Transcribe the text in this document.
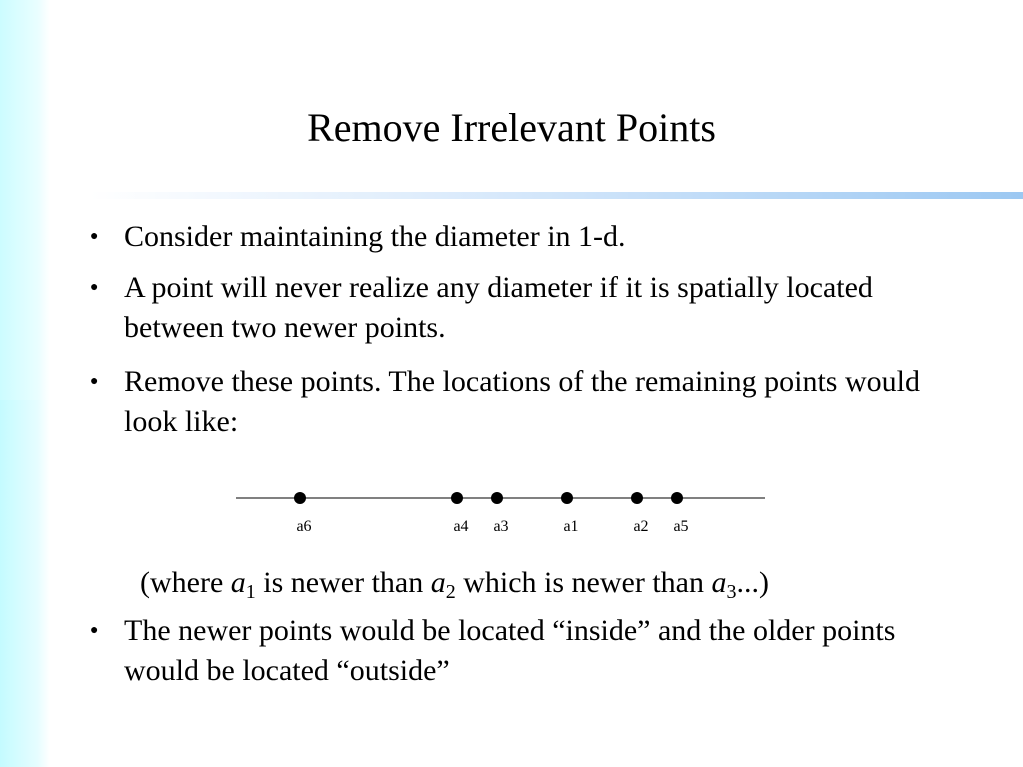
Remove Irrelevant Points
● Consider maintaining the diameter in 1-d.
● A point will never realize any diameter if it is spatially located between two newer points.
● Remove these points. The locations of the remaining points would look like:
a6	a4 a3	a1	a2 a5
(where $a_1$ is newer than $a_2$ which is newer than $a_3$...)
● The newer points would be located “inside” and the older points would be located “outside”
